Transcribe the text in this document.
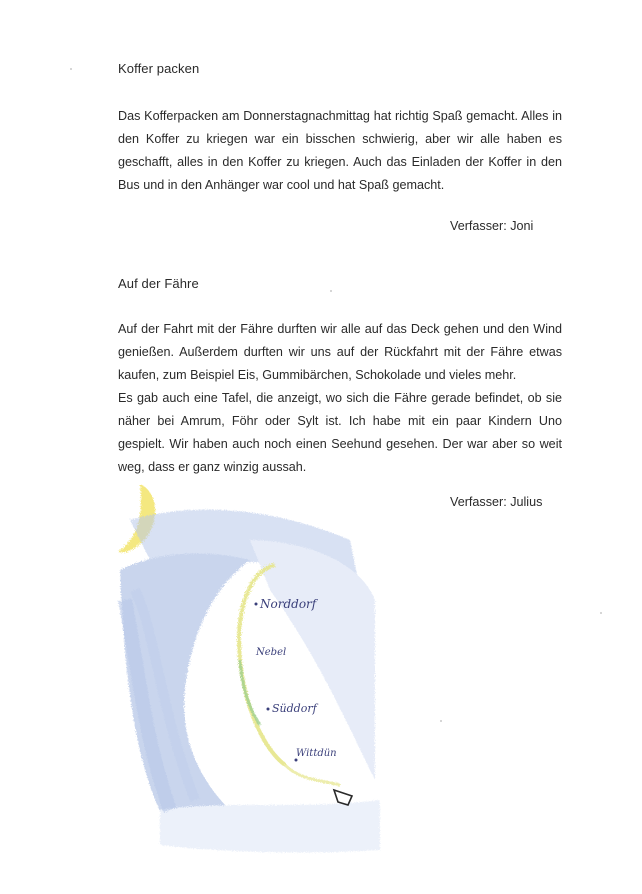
Koffer packen
Das Kofferpacken am Donnerstagnachmittag hat richtig Spaß gemacht. Alles in
den Koffer zu kriegen war ein bisschen schwierig, aber wir alle haben es
geschafft, alles in den Koffer zu kriegen. Auch das Einladen der Koffer in den
Bus und in den Anhänger war cool und hat Spaß gemacht.
Verfasser: Joni
Auf der Fähre
Auf der Fahrt mit der Fähre durften wir alle auf das Deck gehen und den Wind
genießen. Außerdem durften wir uns auf der Rückfahrt mit der Fähre etwas
kaufen, zum Beispiel Eis, Gummibärchen, Schokolade und vieles mehr.
Es gab auch eine Tafel, die anzeigt, wo sich die Fähre gerade befindet, ob sie
näher bei Amrum, Föhr oder Sylt ist. Ich habe mit ein paar Kindern Uno
gespielt. Wir haben auch noch einen Seehund gesehen. Der war aber so weit
weg, dass er ganz winzig aussah.
Verfasser: Julius
Norddorf
Nebel
Süddorf
Wittdün
